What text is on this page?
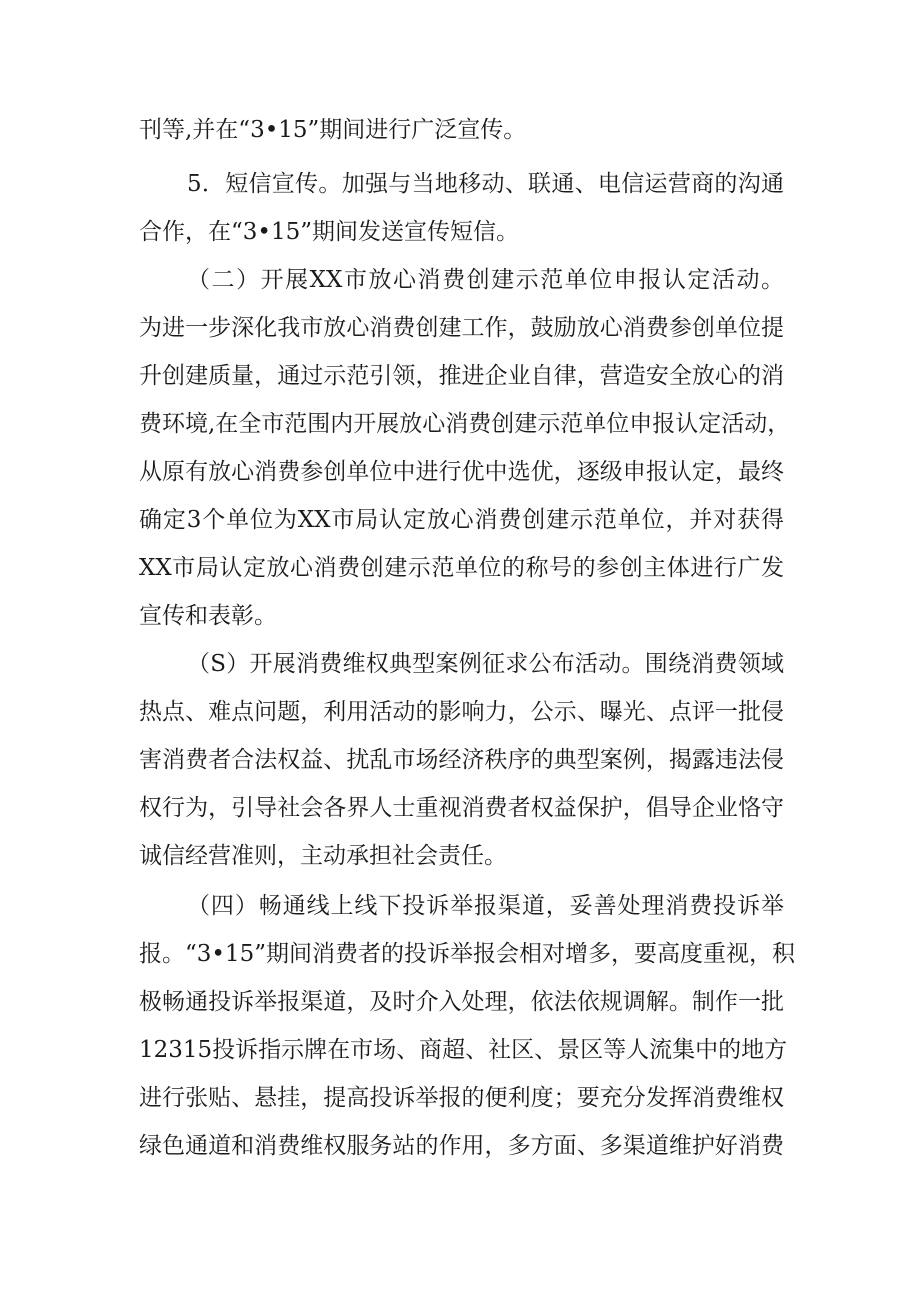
刊等,并在“3•15”期间进行广泛宣传。
5．短信宣传。加强与当地移动、联通、电信运营商的沟通
合作，在“3•15”期间发送宣传短信。
（二）开展XX市放心消费创建示范单位申报认定活动。
为进一步深化我市放心消费创建工作，鼓励放心消费参创单位提
升创建质量，通过示范引领，推进企业自律，营造安全放心的消
费环境,在全市范围内开展放心消费创建示范单位申报认定活动，
从原有放心消费参创单位中进行优中选优，逐级申报认定，最终
确定3个单位为XX市局认定放心消费创建示范单位，并对获得
XX市局认定放心消费创建示范单位的称号的参创主体进行广发
宣传和表彰。
（S）开展消费维权典型案例征求公布活动。围绕消费领域
热点、难点问题，利用活动的影响力，公示、曝光、点评一批侵
害消费者合法权益、扰乱市场经济秩序的典型案例，揭露违法侵
权行为，引导社会各界人士重视消费者权益保护，倡导企业恪守
诚信经营准则，主动承担社会责任。
（四）畅通线上线下投诉举报渠道，妥善处理消费投诉举
报。“3•15”期间消费者的投诉举报会相对增多，要高度重视，积
极畅通投诉举报渠道，及时介入处理，依法依规调解。制作一批
12315投诉指示牌在市场、商超、社区、景区等人流集中的地方
进行张贴、悬挂，提高投诉举报的便利度；要充分发挥消费维权
绿色通道和消费维权服务站的作用，多方面、多渠道维护好消费
